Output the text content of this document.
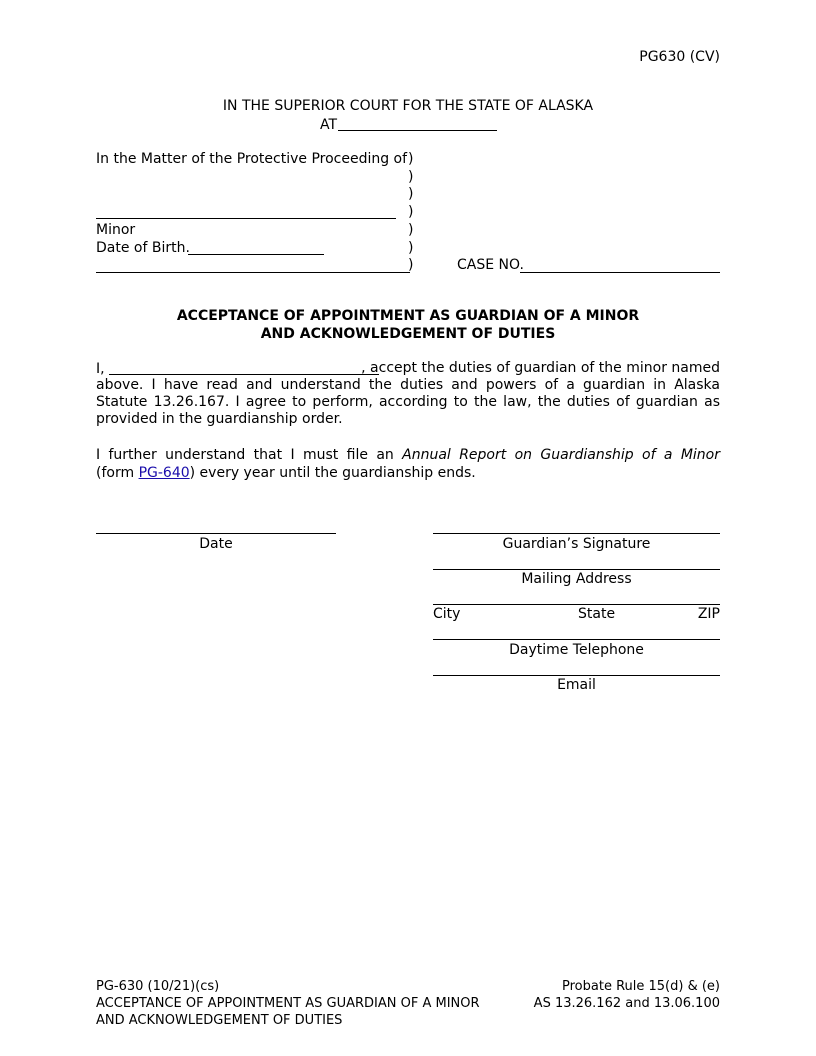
PG630 (CV)
IN THE SUPERIOR COURT FOR THE STATE OF ALASKA
AT
In the Matter of the Protective Proceeding of
Minor
Date of Birth.
)
)
)
)
)
)
)	CASE NO.
ACCEPTANCE OF APPOINTMENT AS GUARDIAN OF A MINOR
AND ACKNOWLEDGEMENT OF DUTIES
I,	, accept the duties of guardian of the minor named
above. I have read and understand the duties and powers of a guardian in Alaska Statute 13.26.167. I agree to perform, according to the law, the duties of guardian as provided in the guardianship order.
I further understand that I must file an Annual Report on Guardianship of a Minor
(form PG-640) every year until the guardianship ends.
Date	Guardian’s Signature
Mailing Address
City	State	ZIP
Daytime Telephone
Email
PG-630 (10/21)(cs)
ACCEPTANCE OF APPOINTMENT AS GUARDIAN OF A MINOR
AND ACKNOWLEDGEMENT OF DUTIES
Probate Rule 15(d) & (e)
AS 13.26.162 and 13.06.100
